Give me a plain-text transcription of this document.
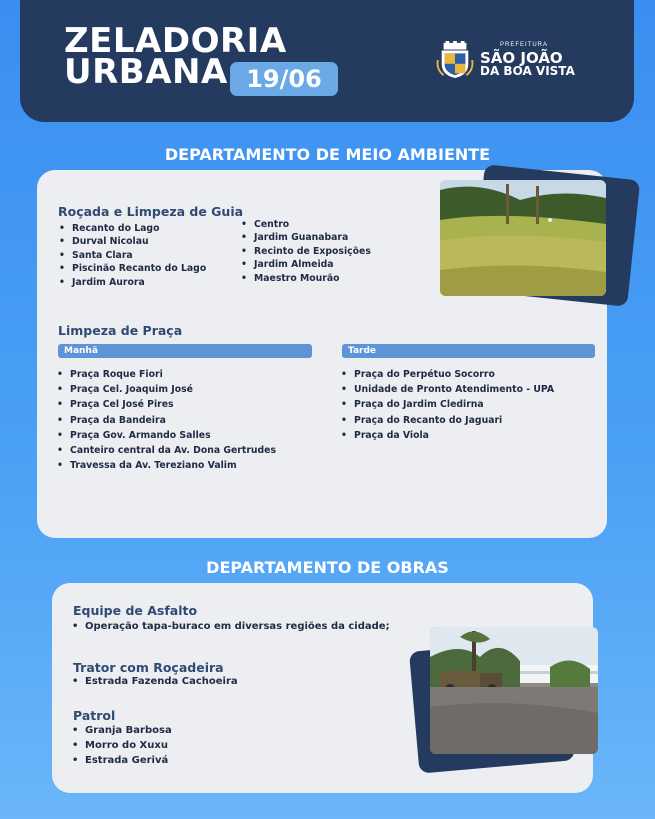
ZELADORIA
URBANA 19/06
PREFEITURA
SÃO JOÃO
DA BOA VISTA
DEPARTAMENTO DE MEIO AMBIENTE
Roçada e Limpeza de Guia
• Recanto do Lago
• Durval Nicolau
• Santa Clara
• Piscinão Recanto do Lago
• Jardim Aurora
• Centro
• Jardim Guanabara
• Recinto de Exposições
• Jardim Almeida
• Maestro Mourão
Limpeza de Praça
Manhã	Tarde
• Praça Roque Fiori
• Praça Cel. Joaquim José
• Praça Cel José Pires
• Praça da Bandeira
• Praça Gov. Armando Salles
• Canteiro central da Av. Dona Gertrudes
• Travessa da Av. Tereziano Valim
• Praça do Perpétuo Socorro
• Unidade de Pronto Atendimento - UPA
• Praça do Jardim Cledirna
• Praça do Recanto do Jaguari
• Praça da Viola
DEPARTAMENTO DE OBRAS
Equipe de Asfalto
• Operação tapa-buraco em diversas regiões da cidade;
Trator com Roçadeira
• Estrada Fazenda Cachoeira
Patrol
• Granja Barbosa
• Morro do Xuxu
• Estrada Gerivá
